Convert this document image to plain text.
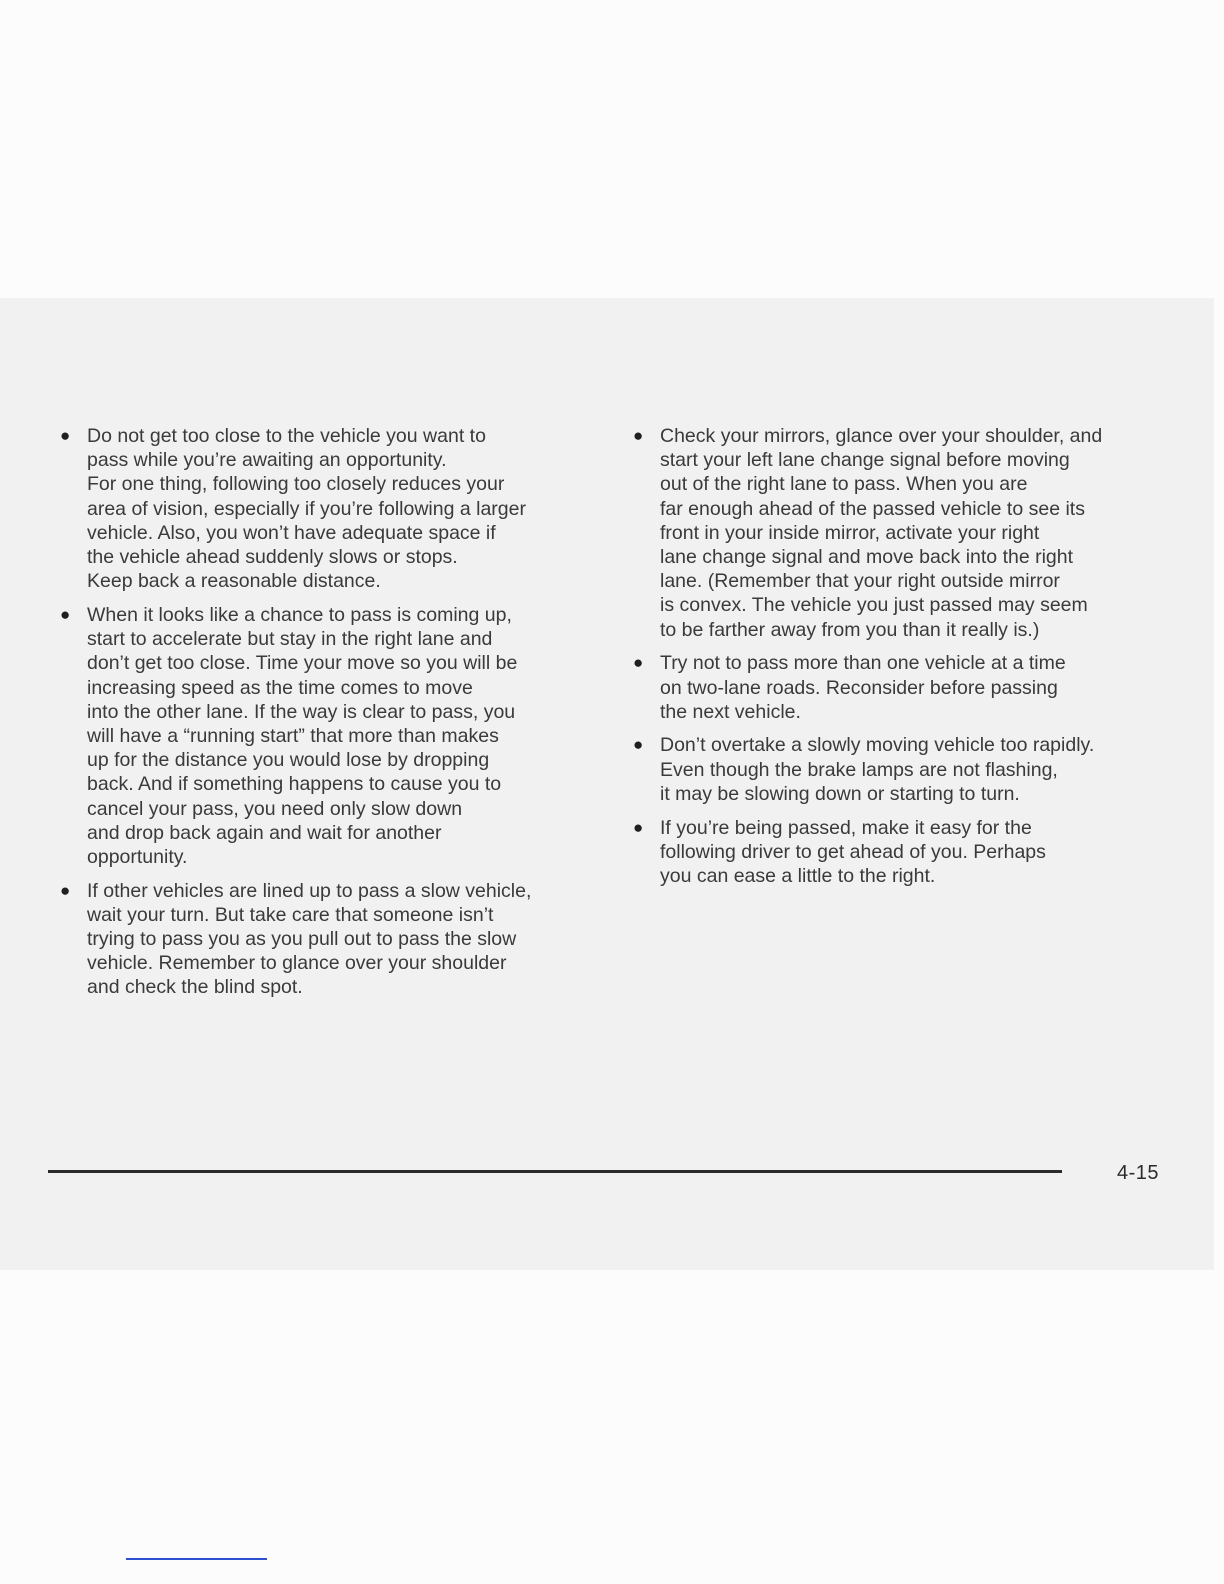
● Do not get too close to the vehicle you want to
pass while you’re awaiting an opportunity.
For one thing, following too closely reduces your
area of vision, especially if you’re following a larger
vehicle. Also, you won’t have adequate space if
the vehicle ahead suddenly slows or stops.
Keep back a reasonable distance.
● When it looks like a chance to pass is coming up,
start to accelerate but stay in the right lane and
don’t get too close. Time your move so you will be
increasing speed as the time comes to move
into the other lane. If the way is clear to pass, you
will have a “running start” that more than makes
up for the distance you would lose by dropping
back. And if something happens to cause you to
cancel your pass, you need only slow down
and drop back again and wait for another
opportunity.
● If other vehicles are lined up to pass a slow vehicle,
wait your turn. But take care that someone isn’t
trying to pass you as you pull out to pass the slow
vehicle. Remember to glance over your shoulder
and check the blind spot.
● Check your mirrors, glance over your shoulder, and
start your left lane change signal before moving
out of the right lane to pass. When you are
far enough ahead of the passed vehicle to see its
front in your inside mirror, activate your right
lane change signal and move back into the right
lane. (Remember that your right outside mirror
is convex. The vehicle you just passed may seem
to be farther away from you than it really is.)
● Try not to pass more than one vehicle at a time
on two-lane roads. Reconsider before passing
the next vehicle.
● Don’t overtake a slowly moving vehicle too rapidly.
Even though the brake lamps are not flashing,
it may be slowing down or starting to turn.
● If you’re being passed, make it easy for the
following driver to get ahead of you. Perhaps
you can ease a little to the right.
4-15
